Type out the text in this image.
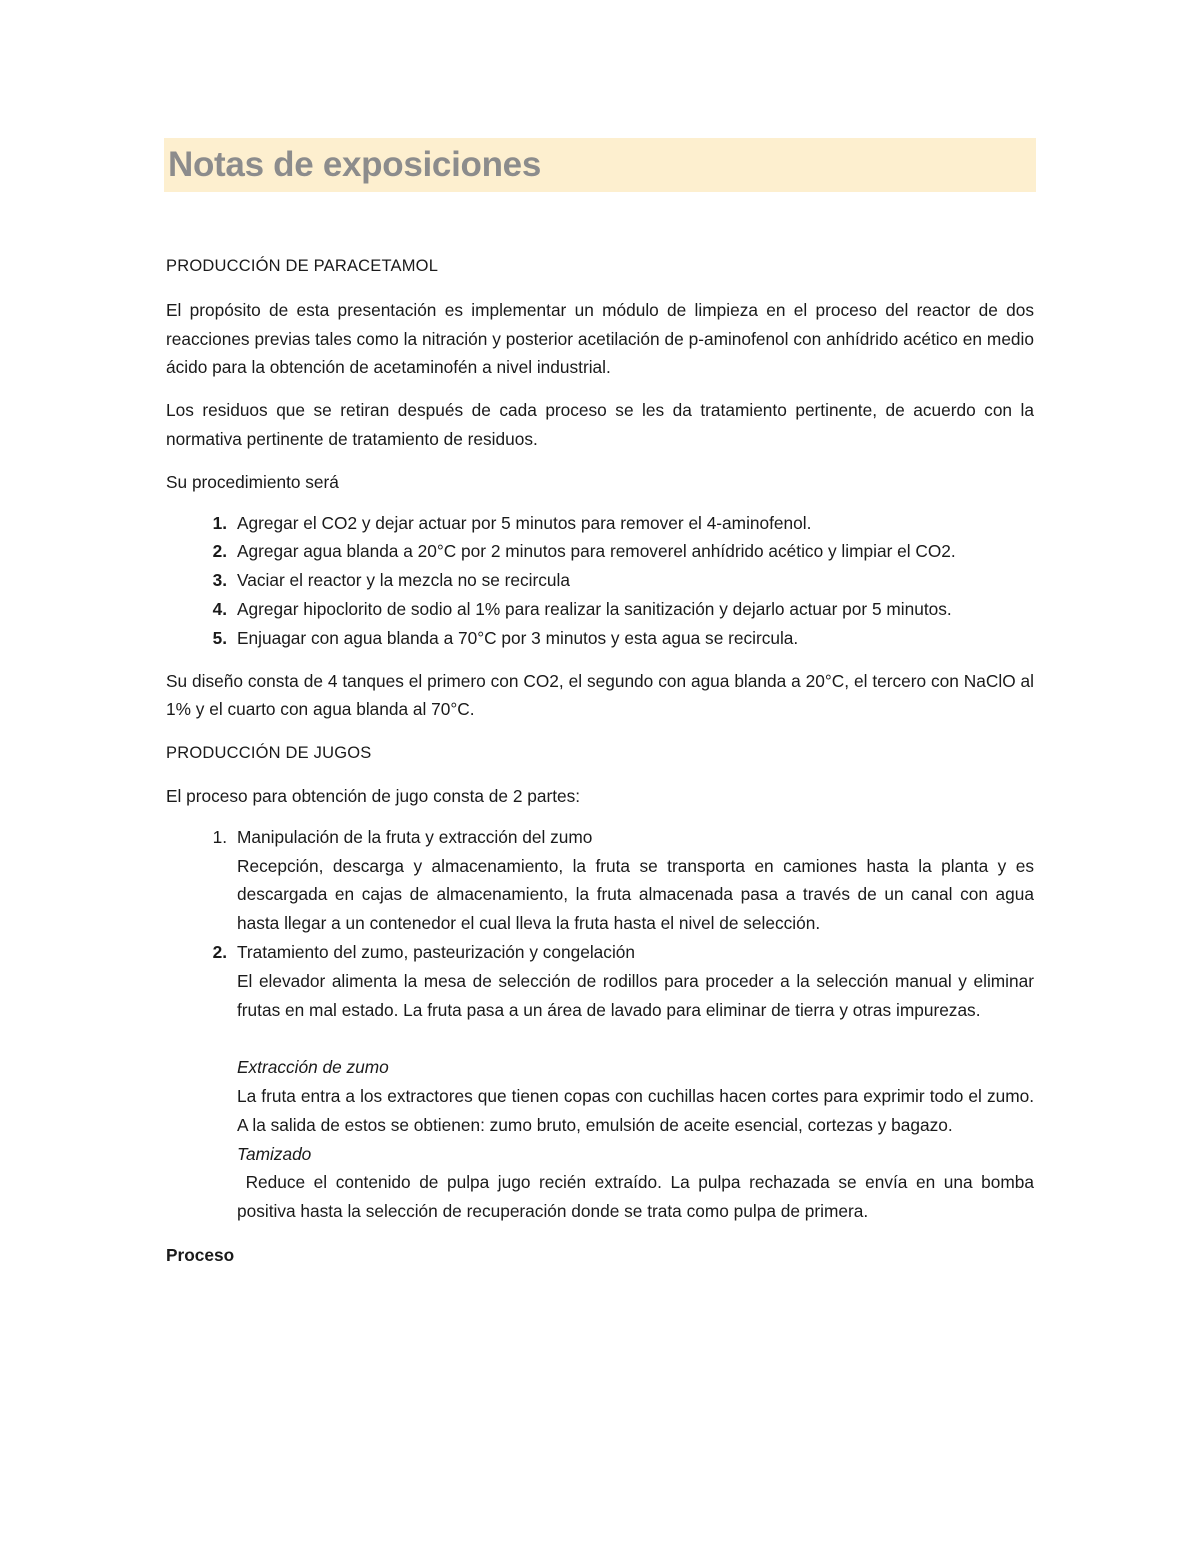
Notas de exposiciones

PRODUCCIÓN DE PARACETAMOL

El propósito de esta presentación es implementar un módulo de limpieza en el proceso del reactor de dos reacciones previas tales como la nitración y posterior acetilación de p-aminofenol con anhídrido acético en medio ácido para la obtención de acetaminofén a nivel industrial.

Los residuos que se retiran después de cada proceso se les da tratamiento pertinente, de acuerdo con la normativa pertinente de tratamiento de residuos.

Su procedimiento será

1. Agregar el CO2 y dejar actuar por 5 minutos para remover el 4-aminofenol.
2. Agregar agua blanda a 20°C por 2 minutos para removerel anhídrido acético y limpiar el CO2.
3. Vaciar el reactor y la mezcla no se recircula
4. Agregar hipoclorito de sodio al 1% para realizar la sanitización y dejarlo actuar por 5 minutos.
5. Enjuagar con agua blanda a 70°C por 3 minutos y esta agua se recircula.

Su diseño consta de 4 tanques el primero con CO2, el segundo con agua blanda a 20°C, el tercero con NaClO al 1% y el cuarto con agua blanda al 70°C.

PRODUCCIÓN DE JUGOS

El proceso para obtención de jugo consta de 2 partes:

1. Manipulación de la fruta y extracción del zumo
Recepción, descarga y almacenamiento, la fruta se transporta en camiones hasta la planta y es descargada en cajas de almacenamiento, la fruta almacenada pasa a través de un canal con agua hasta llegar a un contenedor el cual lleva la fruta hasta el nivel de selección.
2. Tratamiento del zumo, pasteurización y congelación
El elevador alimenta la mesa de selección de rodillos para proceder a la selección manual y eliminar frutas en mal estado. La fruta pasa a un área de lavado para eliminar de tierra y otras impurezas.
Extracción de zumo
La fruta entra a los extractores que tienen copas con cuchillas hacen cortes para exprimir todo el zumo. A la salida de estos se obtienen: zumo bruto, emulsión de aceite esencial, cortezas y bagazo.
Tamizado
Reduce el contenido de pulpa jugo recién extraído. La pulpa rechazada se envía en una bomba positiva hasta la selección de recuperación donde se trata como pulpa de primera.

Proceso
